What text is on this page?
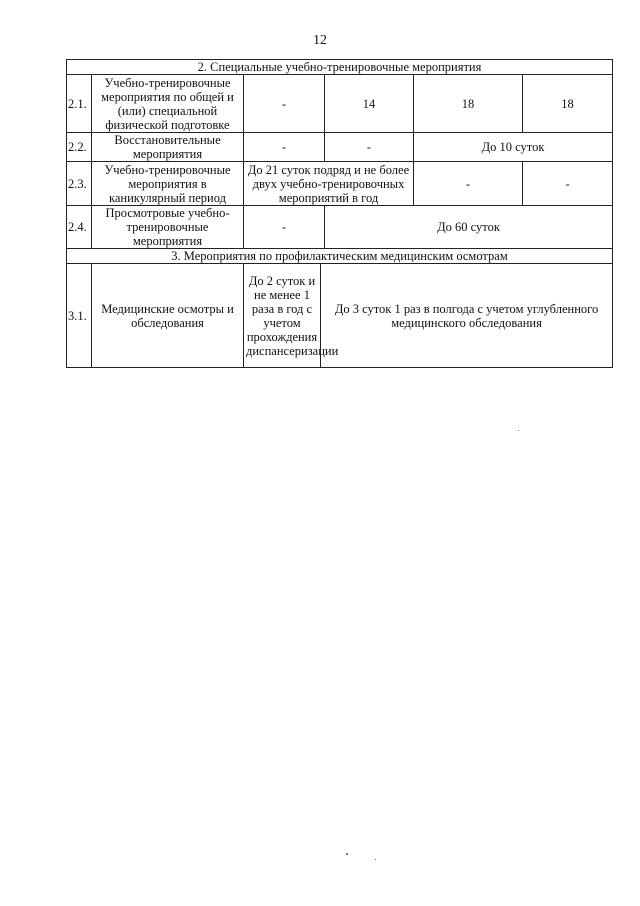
12
2. Специальные учебно-тренировочные мероприятия						
2.1.	Учебно-тренировочные мероприятия по общей и (или) специальной физической подготовке	-		14	18	18
2.2.	Восстановительные мероприятия	-		-	До 10 суток	
2.3.	Учебно-тренировочные мероприятия в каникулярный период	До 21 суток подряд и не более двух учебно-тренировочных мероприятий в год			-	-
2.4.	Просмотровые учебно-тренировочные мероприятия	-		До 60 суток		
3. Мероприятия по профилактическим медицинским осмотрам						
3.1.	Медицинские осмотры и обследования	До 2 суток и не менее 1 раза в год с учетом прохождения диспансеризации	До 3 суток 1 раз в полгода с учетом углубленного медицинского обследования			
